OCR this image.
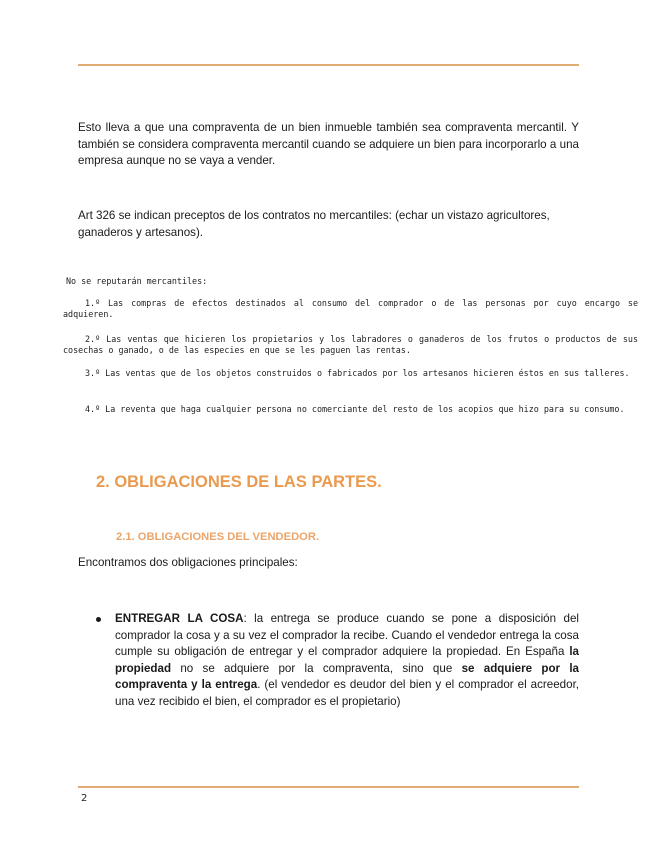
Esto lleva a que una compraventa de un bien inmueble también sea compraventa mercantil. Y también se considera compraventa mercantil cuando se adquiere un bien para incorporarlo a una empresa aunque no se vaya a vender.

Art 326 se indican preceptos de los contratos no mercantiles: (echar un vistazo agricultores, ganaderos y artesanos).

No se reputarán mercantiles:

1.º Las compras de efectos destinados al consumo del comprador o de las personas por cuyo encargo se adquieren.

2.º Las ventas que hicieren los propietarios y los labradores o ganaderos de los frutos o productos de sus cosechas o ganado, o de las especies en que se les paguen las rentas.

3.º Las ventas que de los objetos construidos o fabricados por los artesanos hicieren éstos en sus talleres.

4.º La reventa que haga cualquier persona no comerciante del resto de los acopios que hizo para su consumo.

2. OBLIGACIONES DE LAS PARTES.
2.1. OBLIGACIONES DEL VENDEDOR.

Encontramos dos obligaciones principales:

ENTREGAR LA COSA: la entrega se produce cuando se pone a disposición del comprador la cosa y a su vez el comprador la recibe. Cuando el vendedor entrega la cosa cumple su obligación de entregar y el comprador adquiere la propiedad. En España la propiedad no se adquiere por la compraventa, sino que se adquiere por la compraventa y la entrega. (el vendedor es deudor del bien y el comprador el acreedor, una vez recibido el bien, el comprador es el propietario)

2
